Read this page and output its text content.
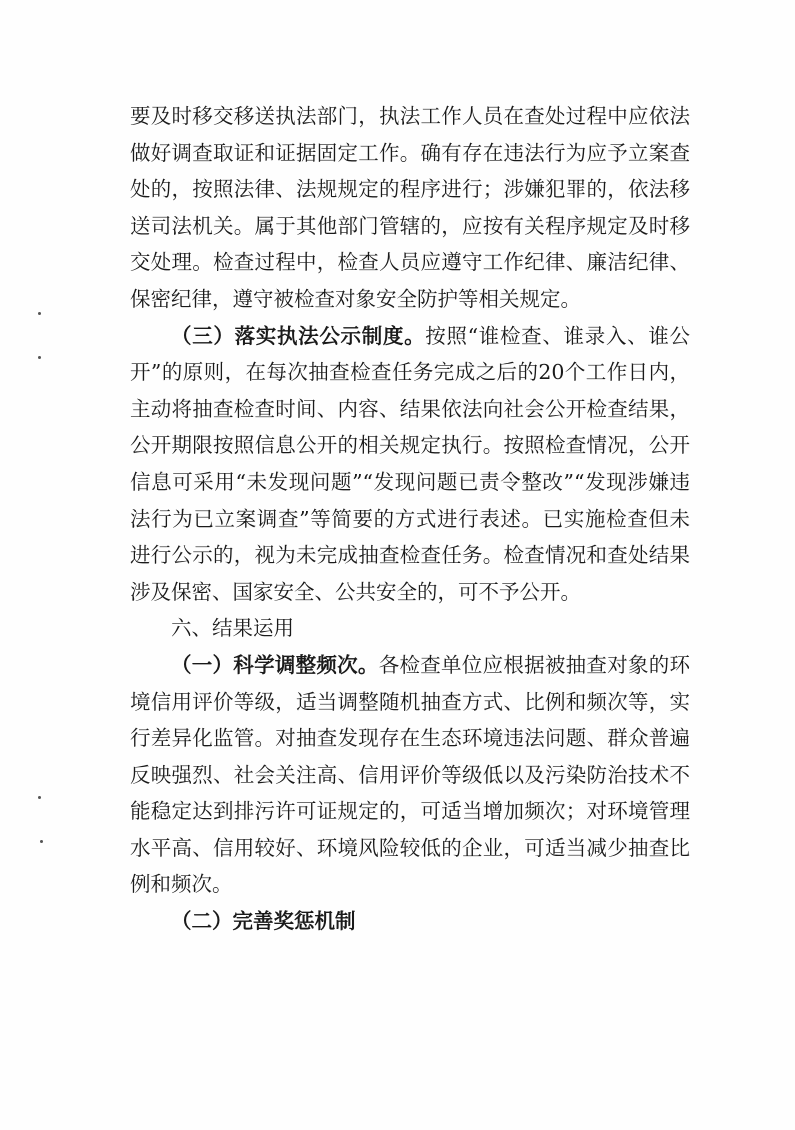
要及时移交移送执法部门，执法工作人员在查处过程中应依法做好调查取证和证据固定工作。确有存在违法行为应予立案查处的，按照法律、法规规定的程序进行；涉嫌犯罪的，依法移送司法机关。属于其他部门管辖的，应按有关程序规定及时移交处理。检查过程中，检查人员应遵守工作纪律、廉洁纪律、保密纪律，遵守被检查对象安全防护等相关规定。

（三）落实执法公示制度。按照“谁检查、谁录入、谁公开”的原则，在每次抽查检查任务完成之后的20个工作日内，主动将抽查检查时间、内容、结果依法向社会公开检查结果，公开期限按照信息公开的相关规定执行。按照检查情况，公开信息可采用“未发现问题”“发现问题已责令整改”“发现涉嫌违法行为已立案调查”等简要的方式进行表述。已实施检查但未进行公示的，视为未完成抽查检查任务。检查情况和查处结果涉及保密、国家安全、公共安全的，可不予公开。

六、结果运用

（一）科学调整频次。各检查单位应根据被抽查对象的环境信用评价等级，适当调整随机抽查方式、比例和频次等，实行差异化监管。对抽查发现存在生态环境违法问题、群众普遍反映强烈、社会关注高、信用评价等级低以及污染防治技术不能稳定达到排污许可证规定的，可适当增加频次；对环境管理水平高、信用较好、环境风险较低的企业，可适当减少抽查比例和频次。

（二）完善奖惩机制
